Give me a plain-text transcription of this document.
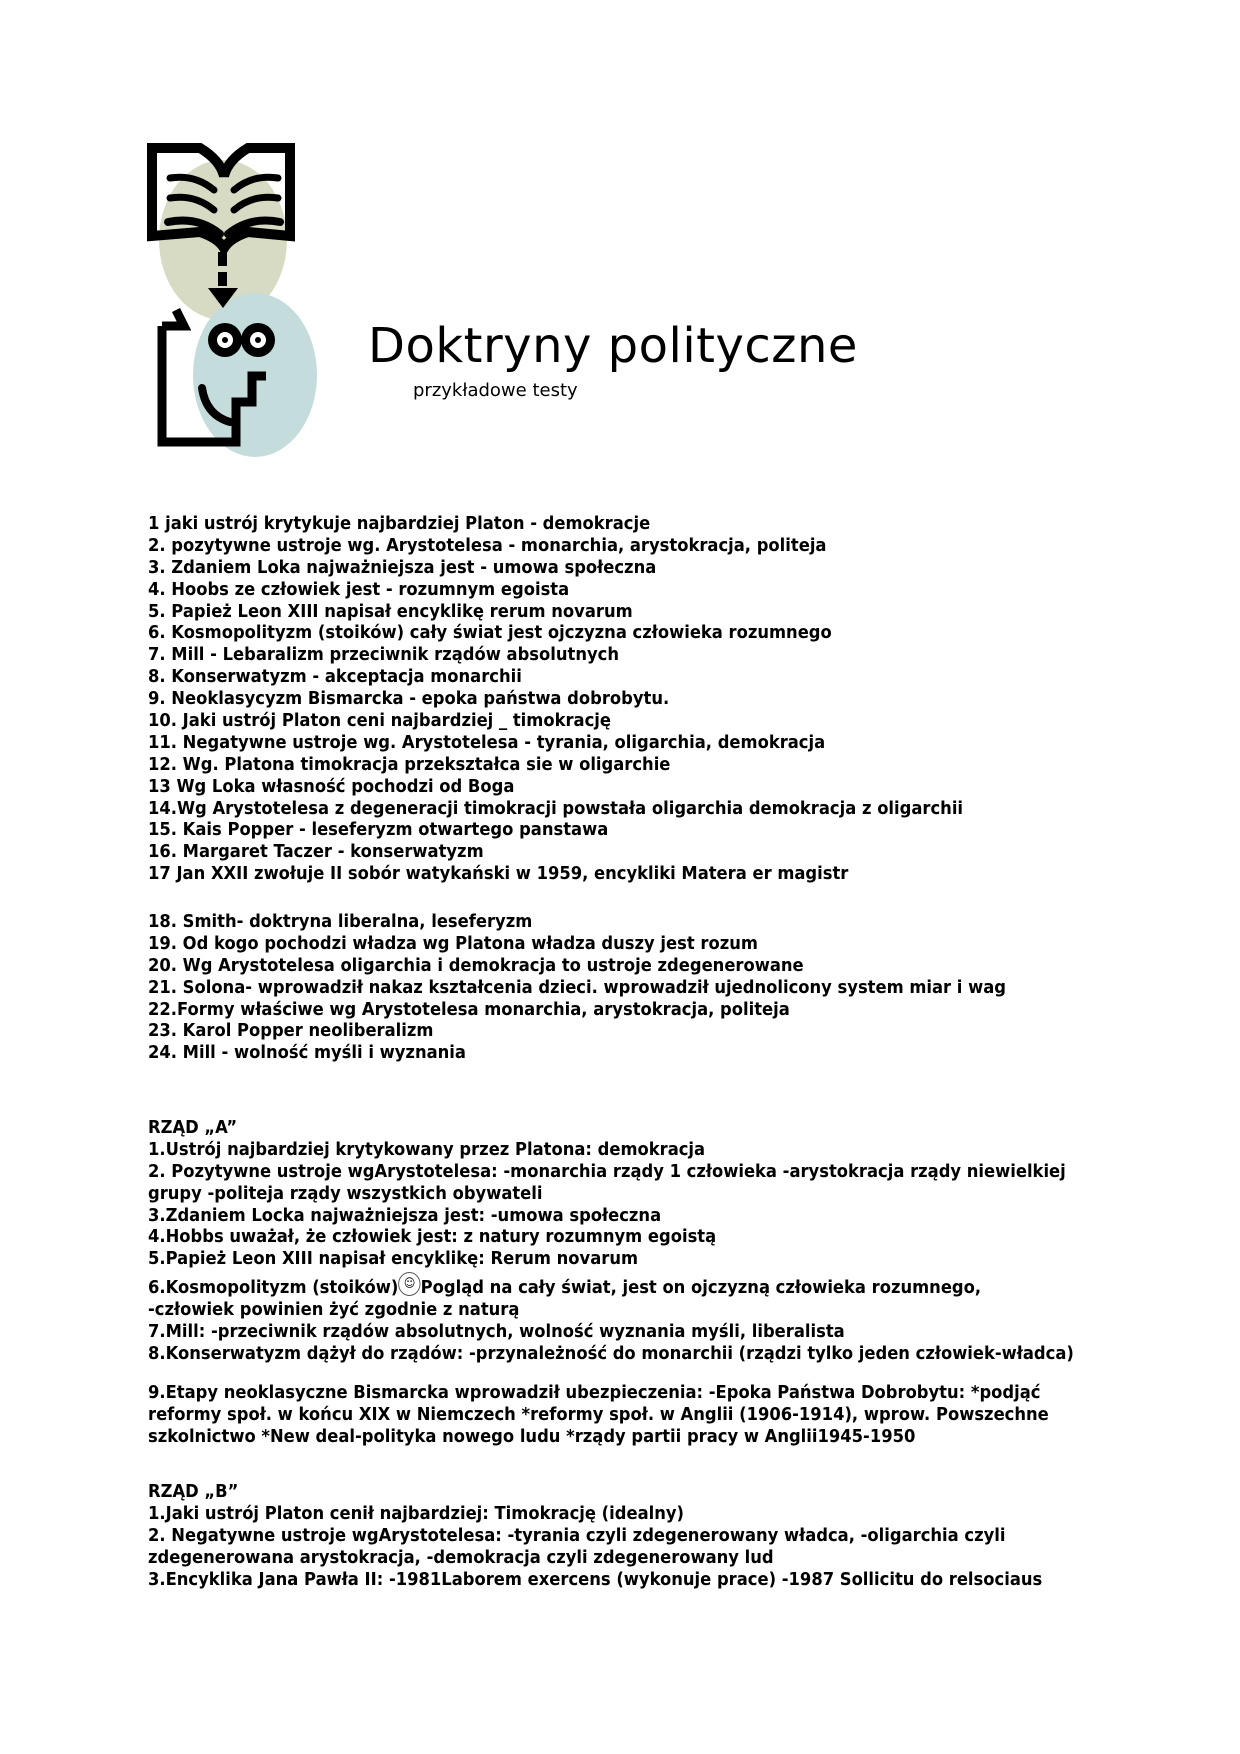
Doktryny polityczne
przykładowe testy
1 jaki ustrój krytykuje najbardziej Platon - demokracje
2. pozytywne ustroje wg. Arystotelesa - monarchia, arystokracja, politeja
3. Zdaniem Loka najważniejsza jest - umowa społeczna
4. Hoobs ze człowiek jest - rozumnym egoista
5. Papież Leon XIII napisał encyklikę rerum novarum
6. Kosmopolityzm (stoików) cały świat jest ojczyzna człowieka rozumnego
7. Mill - Lebaralizm przeciwnik rządów absolutnych
8. Konserwatyzm - akceptacja monarchii
9. Neoklasycyzm Bismarcka - epoka państwa dobrobytu.
10. Jaki ustrój Platon ceni najbardziej _ timokrację
11. Negatywne ustroje wg. Arystotelesa - tyrania, oligarchia, demokracja
12. Wg. Platona timokracja przekształca sie w oligarchie
13 Wg Loka własność pochodzi od Boga
14.Wg Arystotelesa z degeneracji timokracji powstała oligarchia demokracja z oligarchii
15. Kais Popper - leseferyzm otwartego panstawa
16. Margaret Taczer - konserwatyzm
17 Jan XXII zwołuje II sobór watykański w 1959, encykliki Matera er magistr
18. Smith- doktryna liberalna, leseferyzm
19. Od kogo pochodzi władza wg Platona władza duszy jest rozum
20. Wg Arystotelesa oligarchia i demokracja to ustroje zdegenerowane
21. Solona- wprowadził nakaz kształcenia dzieci. wprowadził ujednolicony system miar i wag
22.Formy właściwe wg Arystotelesa monarchia, arystokracja, politeja
23. Karol Popper neoliberalizm
24. Mill - wolność myśli i wyznania
RZĄD „A”
1.Ustrój najbardziej krytykowany przez Platona: demokracja
2. Pozytywne ustroje wgArystotelesa: -monarchia rządy 1 człowieka -arystokracja rządy niewielkiej
grupy -politeja rządy wszystkich obywateli
3.Zdaniem Locka najważniejsza jest: -umowa społeczna
4.Hobbs uważał, że człowiek jest: z natury rozumnym egoistą
5.Papież Leon XIII napisał encyklikę: Rerum novarum
6.Kosmopolityzm (stoików) ☺ Pogląd na cały świat, jest on ojczyzną człowieka rozumnego,
-człowiek powinien żyć zgodnie z naturą
7.Mill: -przeciwnik rządów absolutnych, wolność wyznania myśli, liberalista
8.Konserwatyzm dążył do rządów: -przynależność do monarchii (rządzi tylko jeden człowiek-władca)
9.Etapy neoklasyczne Bismarcka wprowadził ubezpieczenia: -Epoka Państwa Dobrobytu: *podjąć
reformy społ. w końcu XIX w Niemczech *reformy społ. w Anglii (1906-1914), wprow. Powszechne
szkolnictwo *New deal-polityka nowego ludu *rządy partii pracy w Anglii1945-1950
RZĄD „B”
1.Jaki ustrój Platon cenił najbardziej: Timokrację (idealny)
2. Negatywne ustroje wgArystotelesa: -tyrania czyli zdegenerowany władca, -oligarchia czyli
zdegenerowana arystokracja, -demokracja czyli zdegenerowany lud
3.Encyklika Jana Pawła II: -1981Laborem exercens (wykonuje prace) -1987 Sollicitu do relsociaus
